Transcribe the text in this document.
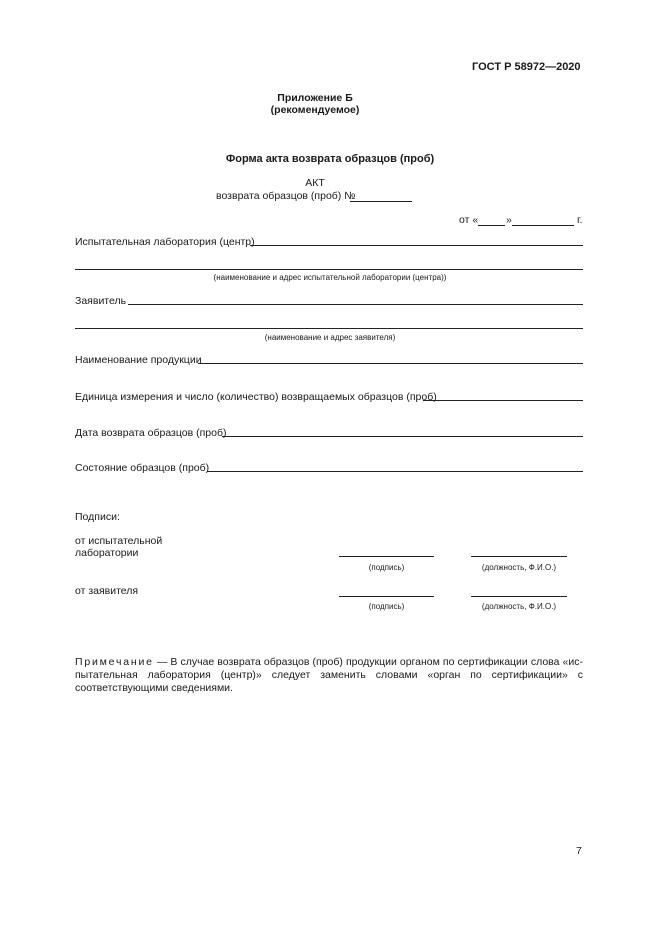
ГОСТ Р 58972—2020
Приложение Б
(рекомендуемое)
Форма акта возврата образцов (проб)
АКТ
возврата образцов (проб) №
от «	»	г.
Испытательная лаборатория (центр)
(наименование и адрес испытательной лаборатории (центра))
Заявитель
(наименование и адрес заявителя)
Наименование продукции
Единица измерения и число (количество) возвращаемых образцов (проб)
Дата возврата образцов (проб)
Состояние образцов (проб)
Подписи:
от испытательной
лаборатории
(подпись)	(должность, Ф.И.О.)
от заявителя
(подпись)	(должность, Ф.И.О.)
Примечание — В случае возврата образцов (проб) продукции органом по сертификации слова «ис-пытательная лаборатория (центр)» следует заменить словами «орган по сертификации» с соответствующими сведениями.
7
